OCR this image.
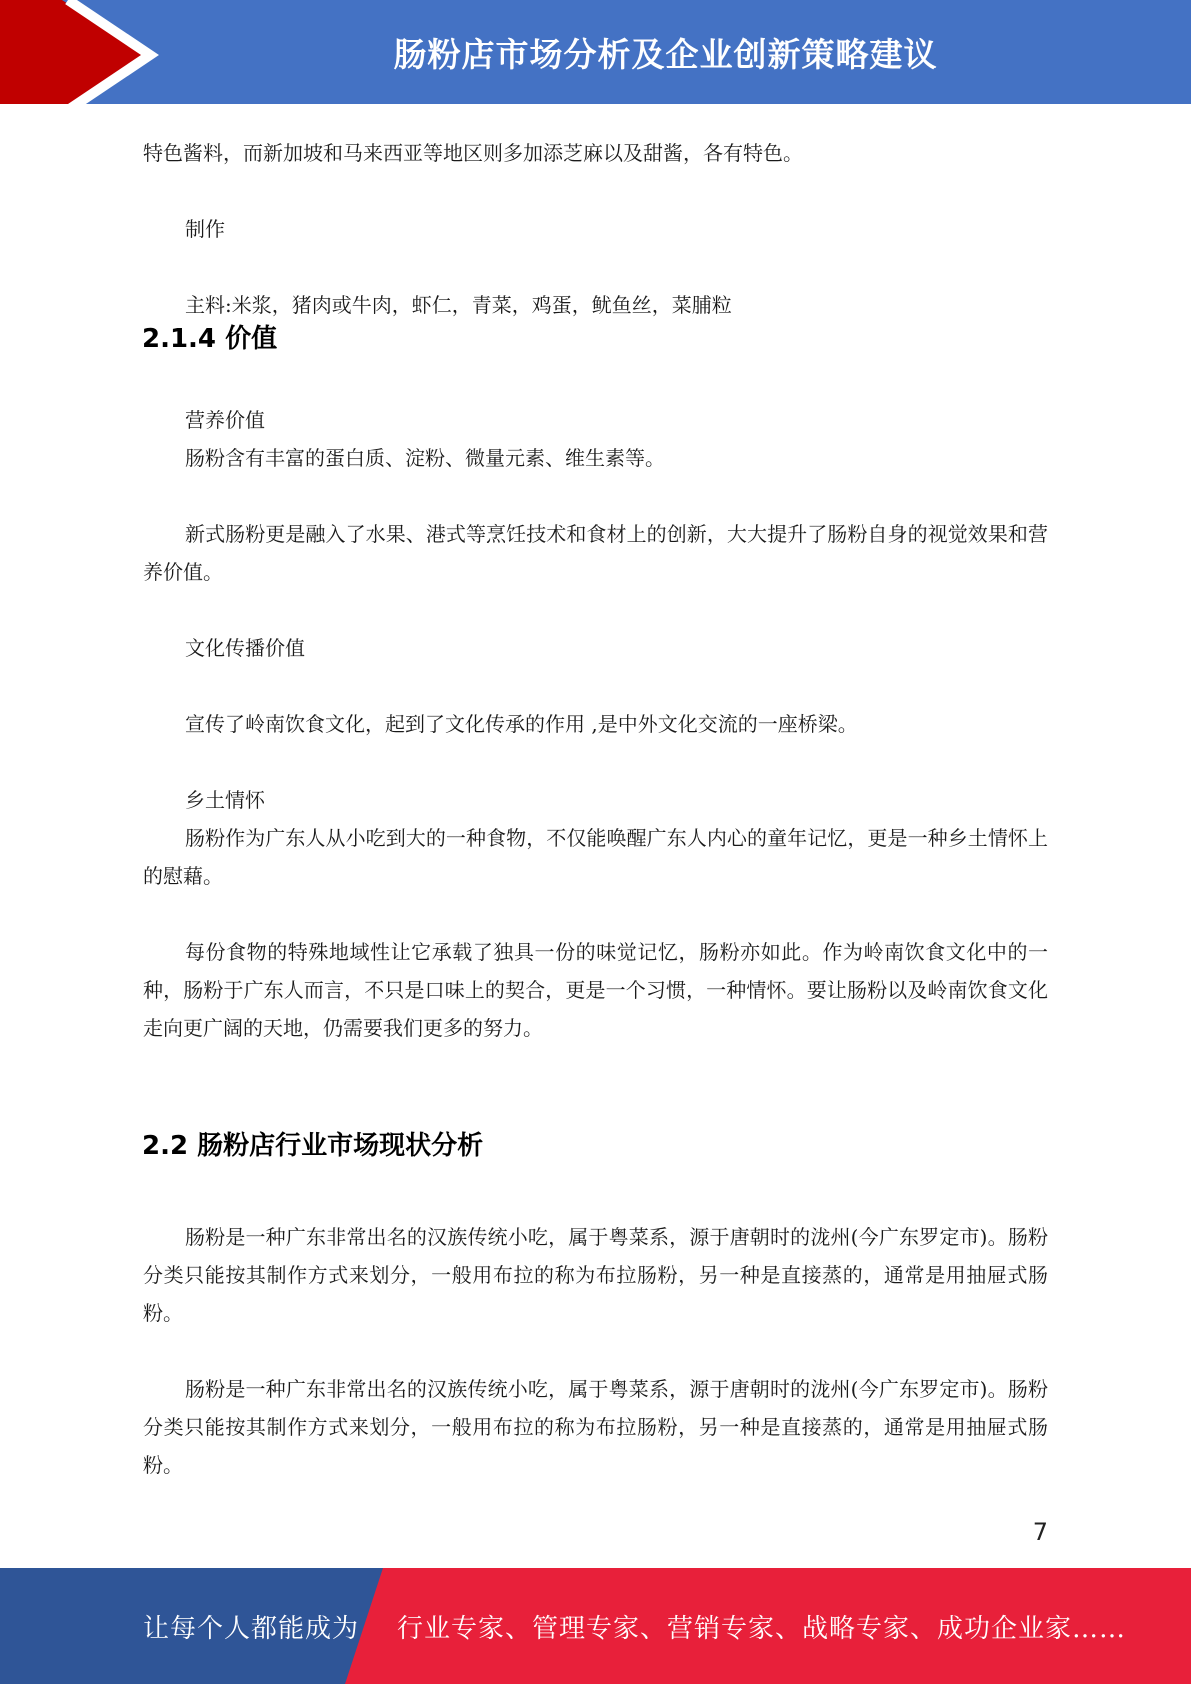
肠粉店市场分析及企业创新策略建议
特色酱料，而新加坡和马来西亚等地区则多加添芝麻以及甜酱，各有特色。
制作
主料:米浆，猪肉或牛肉，虾仁，青菜，鸡蛋，鱿鱼丝，菜脯粒
2.1.4 价值
营养价值
肠粉含有丰富的蛋白质、淀粉、微量元素、维生素等。
新式肠粉更是融入了水果、港式等烹饪技术和食材上的创新，大大提升了肠粉自身的视觉效果和营养价值。
文化传播价值
宣传了岭南饮食文化，起到了文化传承的作用 ,是中外文化交流的一座桥梁。
乡土情怀
肠粉作为广东人从小吃到大的一种食物，不仅能唤醒广东人内心的童年记忆，更是一种乡土情怀上的慰藉。
每份食物的特殊地域性让它承载了独具一份的味觉记忆，肠粉亦如此。作为岭南饮食文化中的一种，肠粉于广东人而言，不只是口味上的契合，更是一个习惯，一种情怀。要让肠粉以及岭南饮食文化走向更广阔的天地，仍需要我们更多的努力。
2.2 肠粉店行业市场现状分析
肠粉是一种广东非常出名的汉族传统小吃，属于粤菜系，源于唐朝时的泷州(今广东罗定市)。肠粉分类只能按其制作方式来划分，一般用布拉的称为布拉肠粉，另一种是直接蒸的，通常是用抽屉式肠粉。
肠粉是一种广东非常出名的汉族传统小吃，属于粤菜系，源于唐朝时的泷州(今广东罗定市)。肠粉分类只能按其制作方式来划分，一般用布拉的称为布拉肠粉，另一种是直接蒸的，通常是用抽屉式肠粉。
7
让每个人都能成为 行业专家、管理专家、营销专家、战略专家、成功企业家……
